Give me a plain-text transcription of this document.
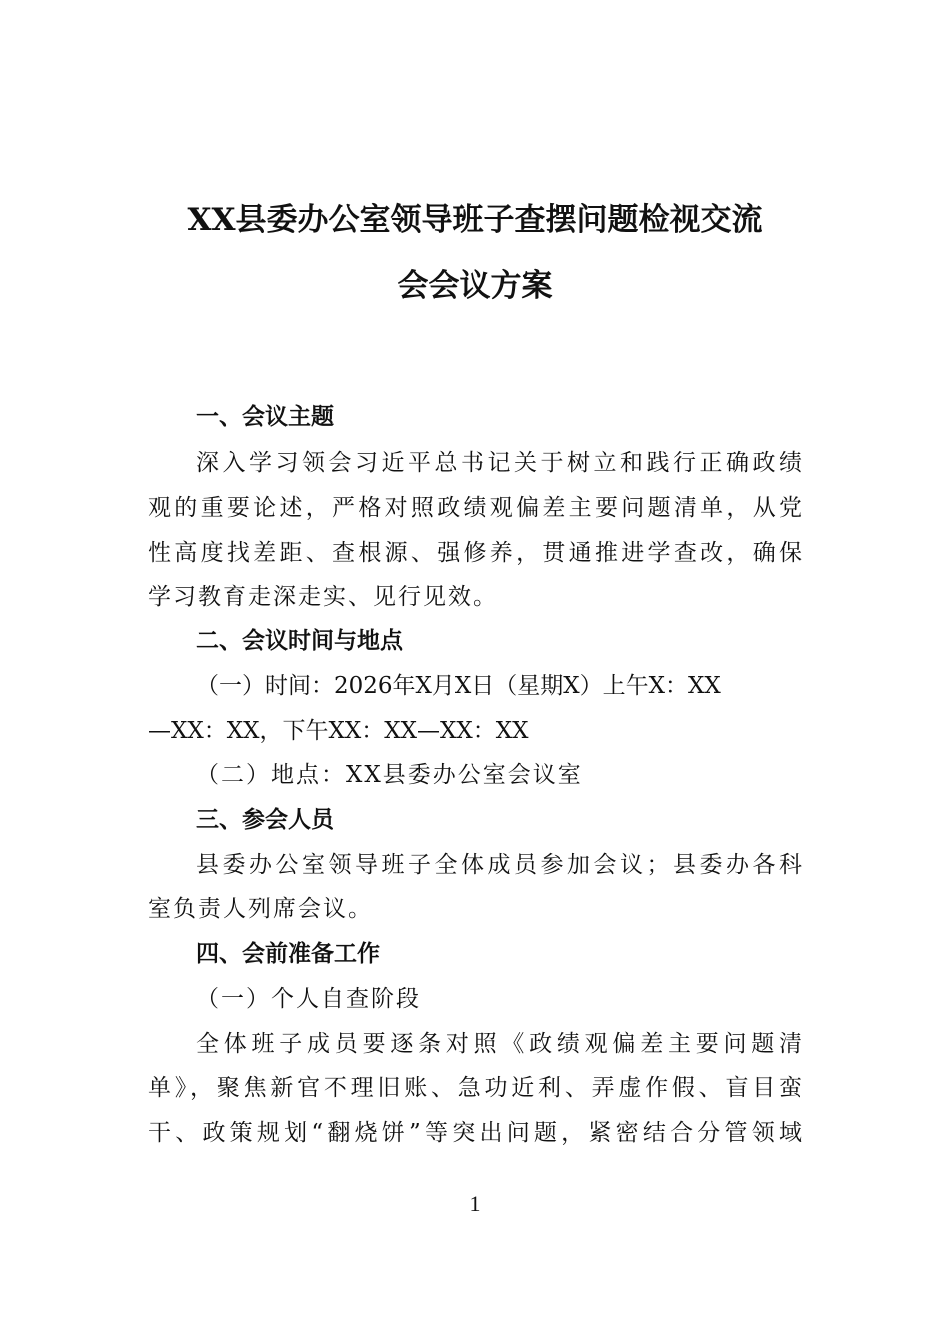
XX县委办公室领导班子查摆问题检视交流
会会议方案
一、会议主题
深入学习领会习近平总书记关于树立和践行正确政绩
观的重要论述，严格对照政绩观偏差主要问题清单，从党
性高度找差距、查根源、强修养，贯通推进学查改，确保
学习教育走深走实、见行见效。
二、会议时间与地点
（一）时间：2026年X月X日（星期X）上午X：XX
—XX：XX，下午XX：XX—XX：XX
（二）地点：XX县委办公室会议室
三、参会人员
县委办公室领导班子全体成员参加会议；县委办各科
室负责人列席会议。
四、会前准备工作
（一）个人自查阶段
全体班子成员要逐条对照《政绩观偏差主要问题清
单》，聚焦新官不理旧账、急功近利、弄虚作假、盲目蛮
干、政策规划“翻烧饼”等突出问题，紧密结合分管领域
1
